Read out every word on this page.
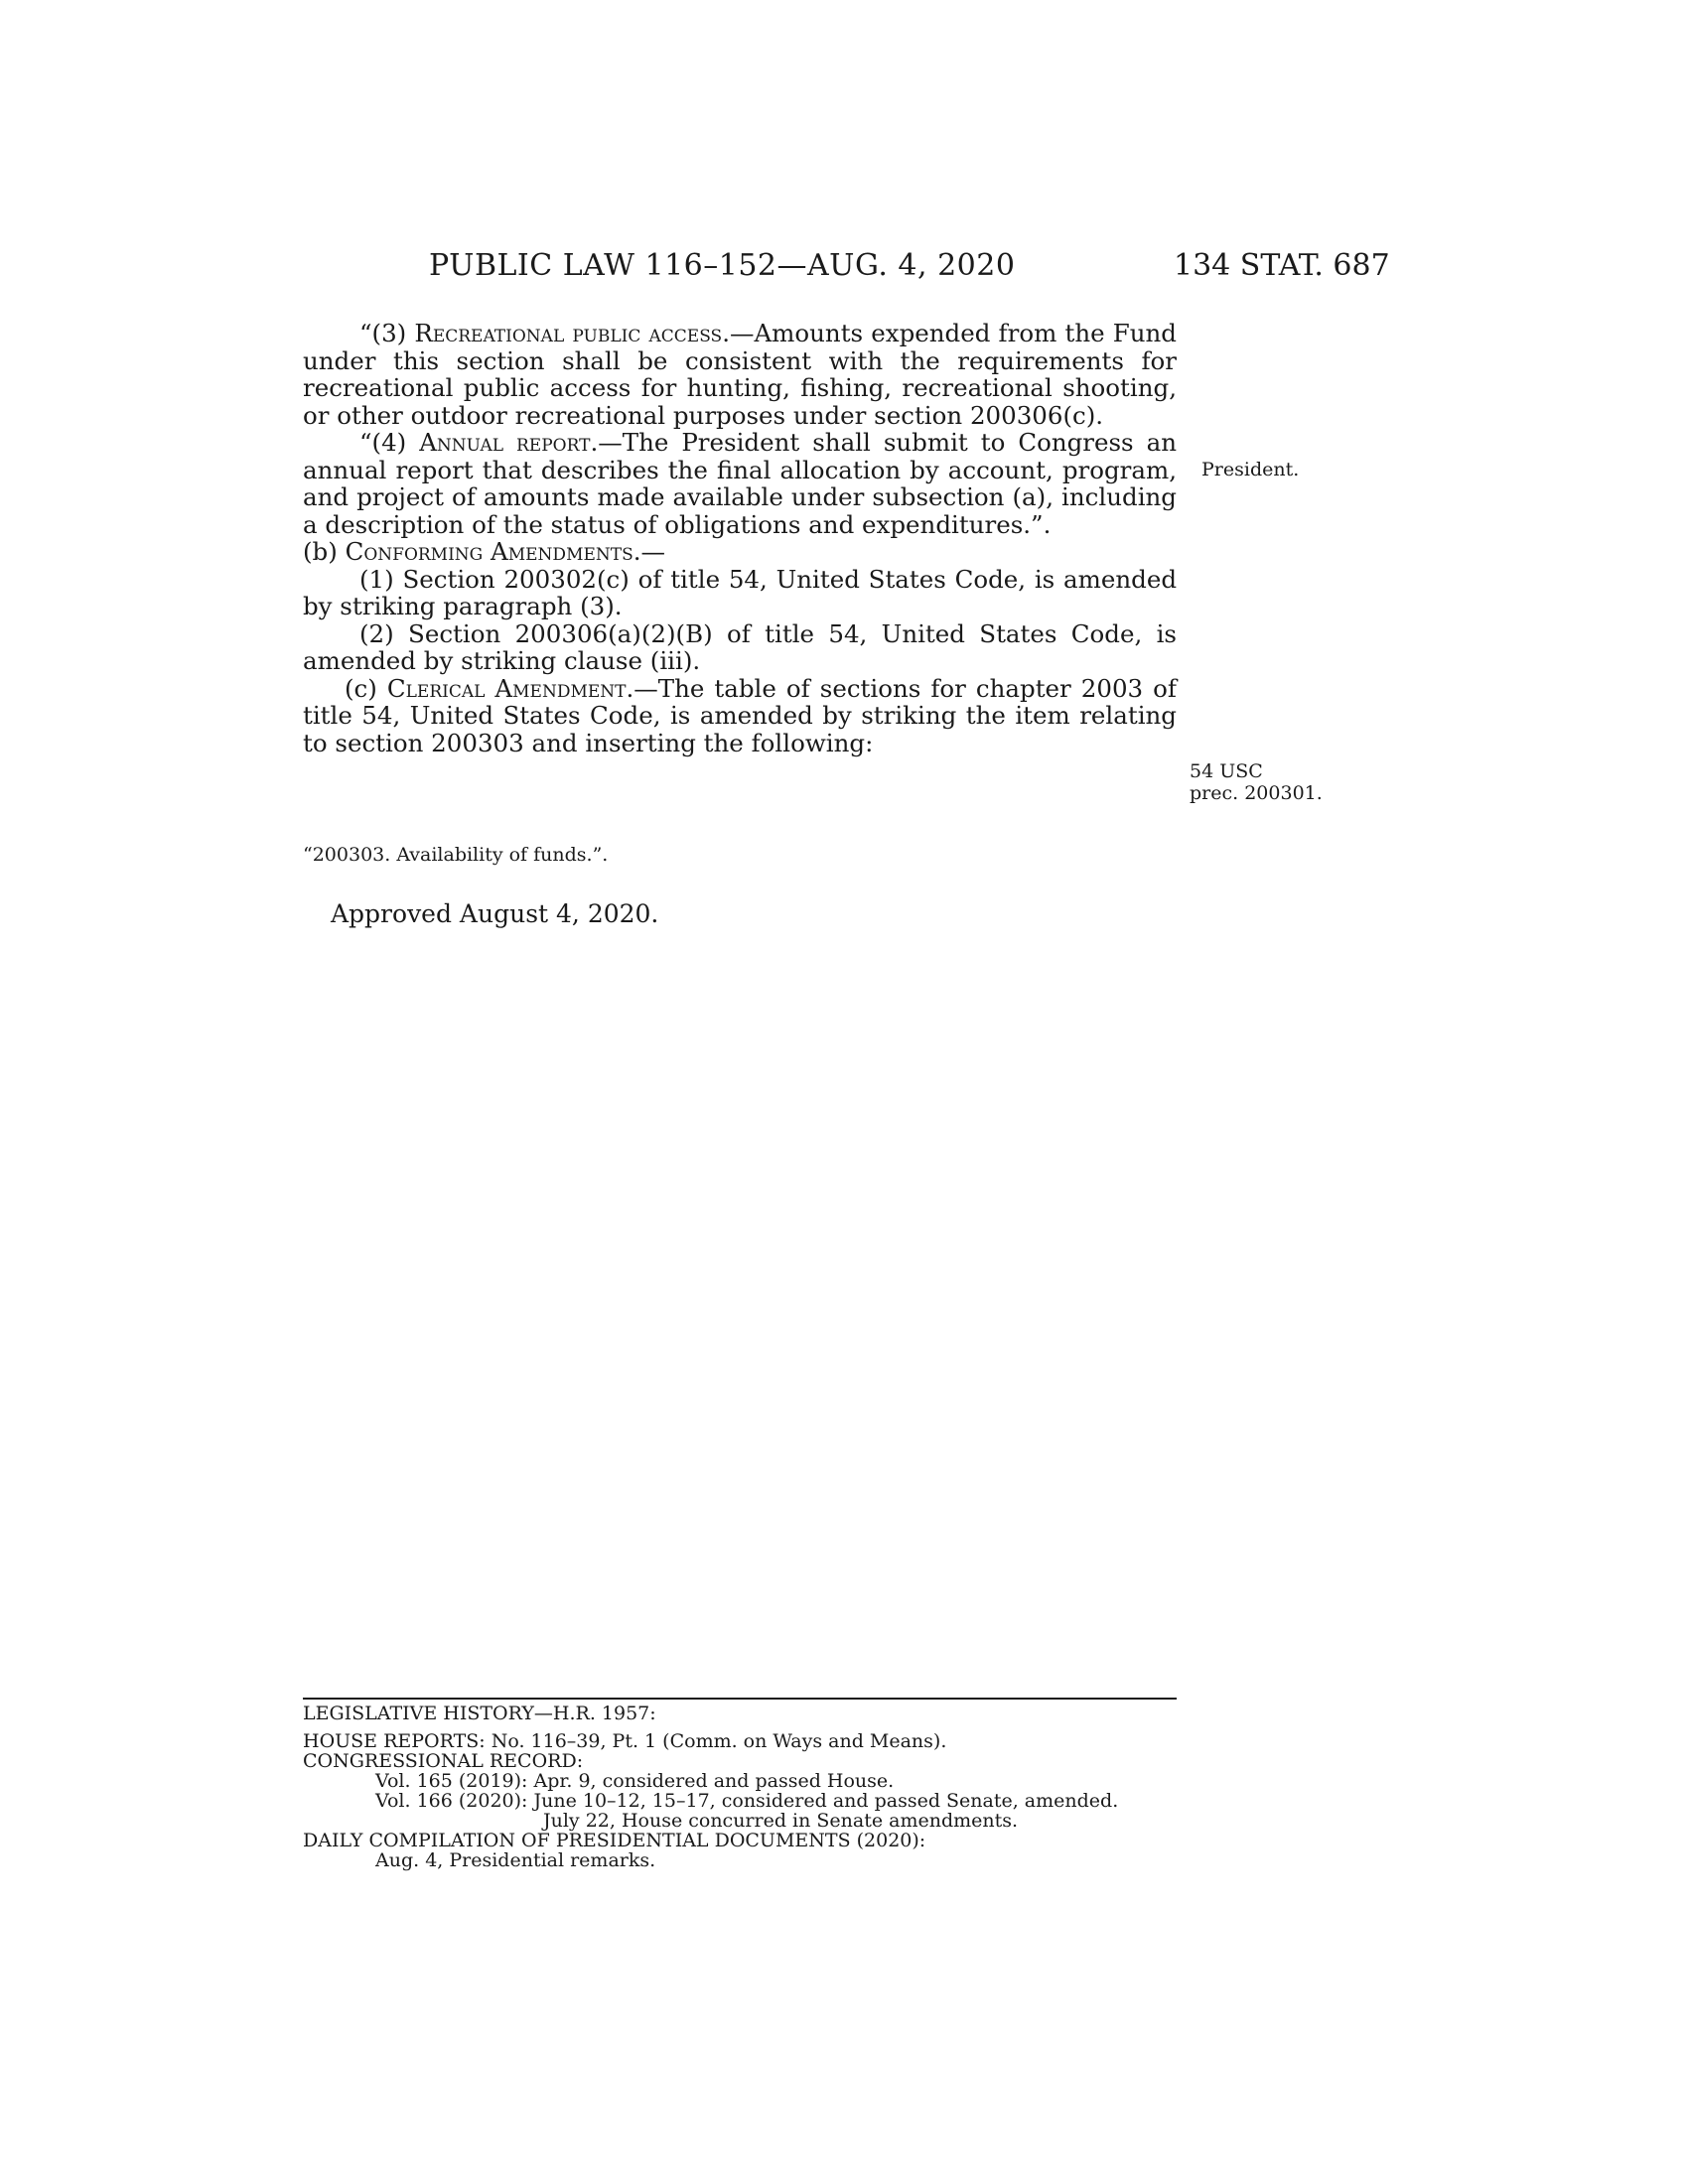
PUBLIC LAW 116–152—AUG. 4, 2020	134 STAT. 687

“(3) Recreational public access.—Amounts expended from the Fund under this section shall be consistent with the requirements for recreational public access for hunting, fishing, recreational shooting, or other outdoor recreational purposes under section 200306(c).

“(4) Annual report.—The President shall submit to Congress an annual report that describes the final allocation by account, program, and project of amounts made available under subsection (a), including a description of the status of obligations and expenditures.”.

(b) Conforming Amendments.—

(1) Section 200302(c) of title 54, United States Code, is amended by striking paragraph (3).

(2) Section 200306(a)(2)(B) of title 54, United States Code, is amended by striking clause (iii).

(c) Clerical Amendment.—The table of sections for chapter 2003 of title 54, United States Code, is amended by striking the item relating to section 200303 and inserting the following:

President.
54 USC
prec. 200301.
“200303. Availability of funds.”.
Approved August 4, 2020.
LEGISLATIVE HISTORY—H.R. 1957:
HOUSE REPORTS: No. 116–39, Pt. 1 (Comm. on Ways and Means).
CONGRESSIONAL RECORD:
Vol. 165 (2019): Apr. 9, considered and passed House.
Vol. 166 (2020): June 10–12, 15–17, considered and passed Senate, amended.
July 22, House concurred in Senate amendments.
DAILY COMPILATION OF PRESIDENTIAL DOCUMENTS (2020):
Aug. 4, Presidential remarks.
